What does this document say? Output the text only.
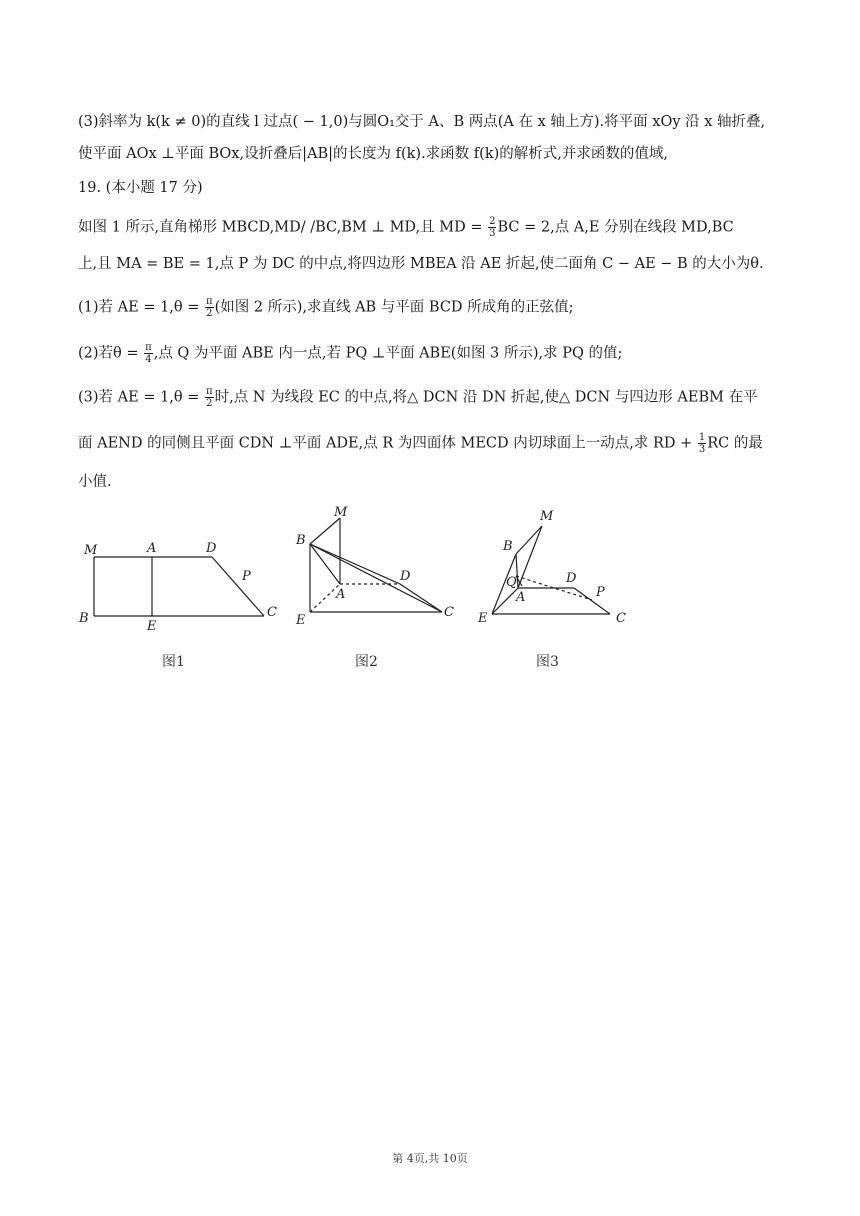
(3)斜率为 k(k ≠ 0)的直线 l 过点( − 1,0)与圆O₁交于 A、B 两点(A 在 x 轴上方).将平面 xOy 沿 x 轴折叠,
使平面 AOx ⊥平面 BOx,设折叠后|AB|的长度为 f(k).求函数 f(k)的解析式,并求函数的值域,
19. (本小题 17 分)
如图 1 所示,直角梯形 MBCD,MD/ /BC,BM ⊥ MD,且 MD = $\frac{2}{3}$ BC = 2,点 A,E 分别在线段 MD,BC
上,且 MA = BE = 1,点 P 为 DC 的中点,将四边形 MBEA 沿 AE 折起,使二面角 C − AE − B 的大小为θ.
(1)若 AE = $1,\theta = \frac{\pi}{2}$ (如图 2 所示),求直线 AB 与平面 BCD 所成角的正弦值;
(2)若$\theta = \frac{\pi}{4}$ ,点 Q 为平面 ABE 内一点,若 PQ ⊥平面 ABE(如图 3 所示),求 PQ 的值;
(3)若 AE = $1,\theta = \frac{\pi}{2}$ 时,点 N 为线段 EC 的中点,将△ DCN 沿 DN 折起,使△ DCN 与四边形 AEBM 在平
面 AEND 的同侧且平面 CDN ⊥平面 ADE,点 R 为四面体 MECD 内切球面上一动点,求 RD + $\frac{1}{3}$ RC 的最
小值.
M	A	D
B
E
C
P
图1
M
B
A
D
E
C
图2
M
B
Q
A
D
P
E	C
图3
第 4页,共 10页
